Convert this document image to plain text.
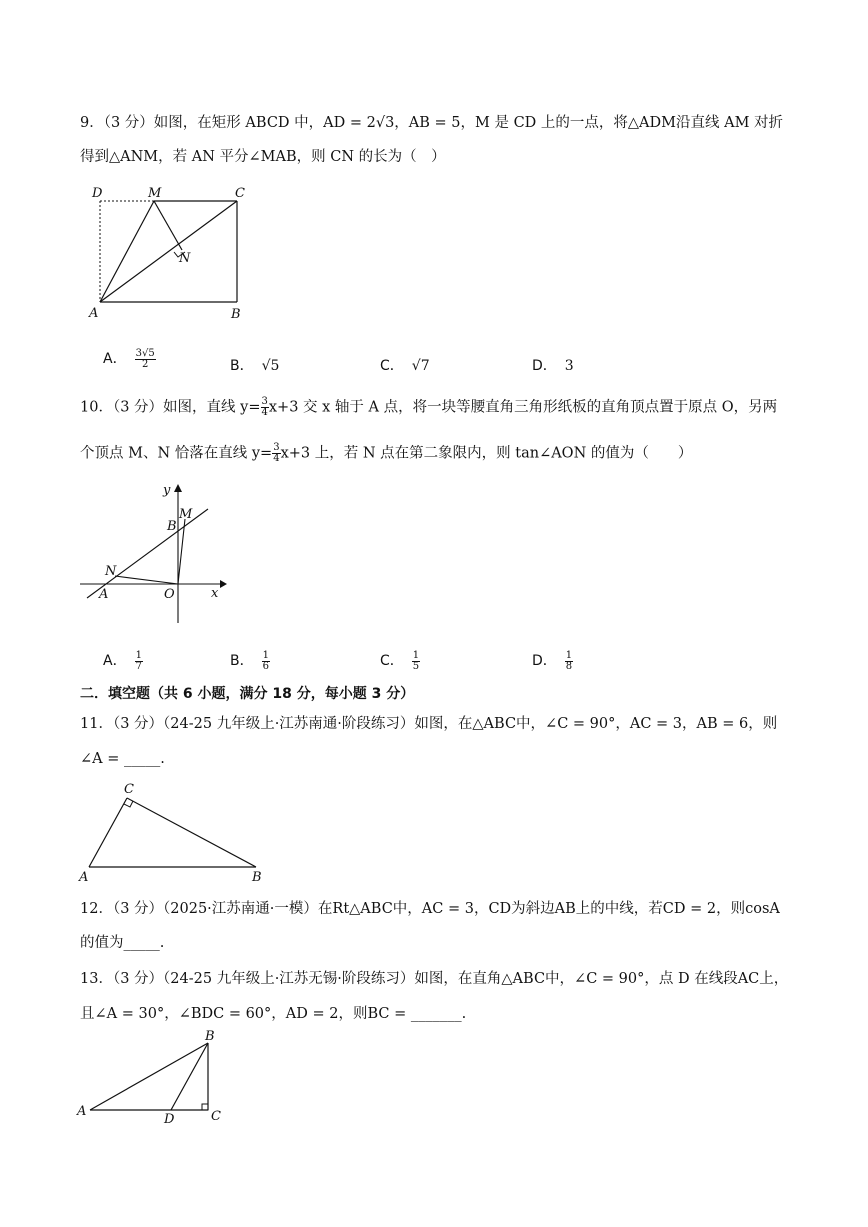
9．（3 分）如图，在矩形 ABCD 中，AD = 2√3，AB = 5，M 是 CD 上的一点，将△ADM沿直线 AM 对折
得到△ANM，若 AN 平分∠MAB，则 CN 的长为（　）
D	M	C
N
A	B
A． $\frac{3√5}{2}$	B． √5	C． √7	D． 3
10．（3 分）如图，直线 $y= \frac{3}{4} x+3$ 交 x 轴于 A 点，将一块等腰直角三角形纸板的直角顶点置于原点 O，另两
个顶点 M、N 恰落在直线 $y= \frac{3}{4} x+3$ 上，若 N 点在第二象限内，则 tan∠AON 的值为（　　）
y
x
B
M
N
A	O
A． $\frac{1}{7}$	B． $\frac{1}{6}$	C． $\frac{1}{5}$	D． $\frac{1}{8}$
二．填空题（共 6 小题，满分 18 分，每小题 3 分）
11．（3 分）（24-25 九年级上·江苏南通·阶段练习）如图，在△ABC中，∠C = 90°，AC = 3，AB = 6，则
∠A = _____.
C
A	B
12．（3 分）（2025·江苏南通·一模）在Rt△ABC中，AC = 3，CD为斜边AB上的中线，若CD = 2，则cosA
的值为_____.
13．（3 分）（24-25 九年级上·江苏无锡·阶段练习）如图，在直角△ABC中，∠C = 90°，点 D 在线段AC上，
且∠A = 30°，∠BDC = 60°，AD = 2，则BC = _______.
B
A
D	C
